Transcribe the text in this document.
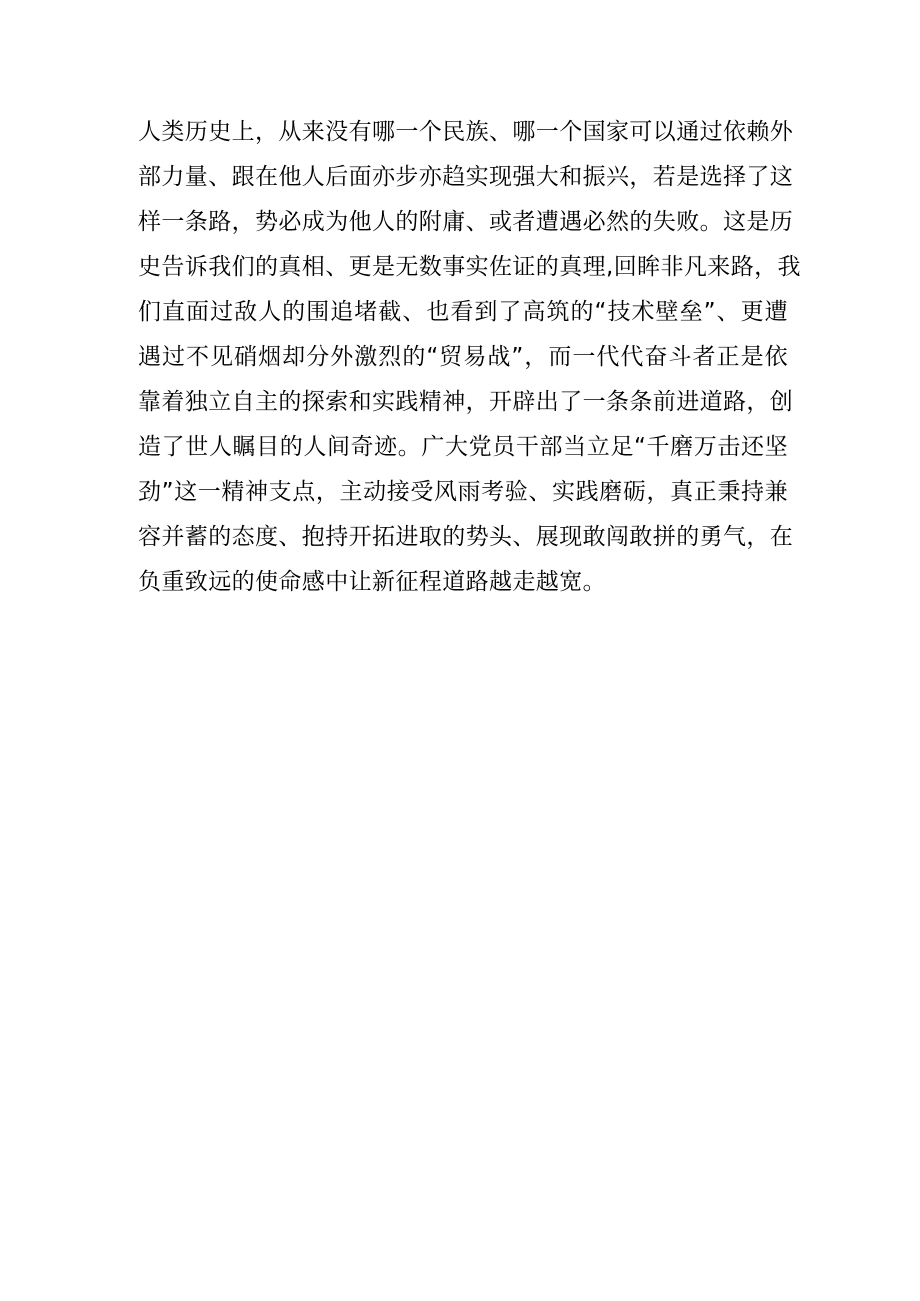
人类历史上，从来没有哪一个民族、哪一个国家可以通过依赖外
部力量、跟在他人后面亦步亦趋实现强大和振兴，若是选择了这
样一条路，势必成为他人的附庸、或者遭遇必然的失败。这是历
史告诉我们的真相、更是无数事实佐证的真理,回眸非凡来路，我
们直面过敌人的围追堵截、也看到了高筑的“技术壁垒”、更遭
遇过不见硝烟却分外激烈的“贸易战”，而一代代奋斗者正是依
靠着独立自主的探索和实践精神，开辟出了一条条前进道路，创
造了世人瞩目的人间奇迹。广大党员干部当立足“千磨万击还坚
劲”这一精神支点，主动接受风雨考验、实践磨砺，真正秉持兼
容并蓄的态度、抱持开拓进取的势头、展现敢闯敢拼的勇气，在
负重致远的使命感中让新征程道路越走越宽。
